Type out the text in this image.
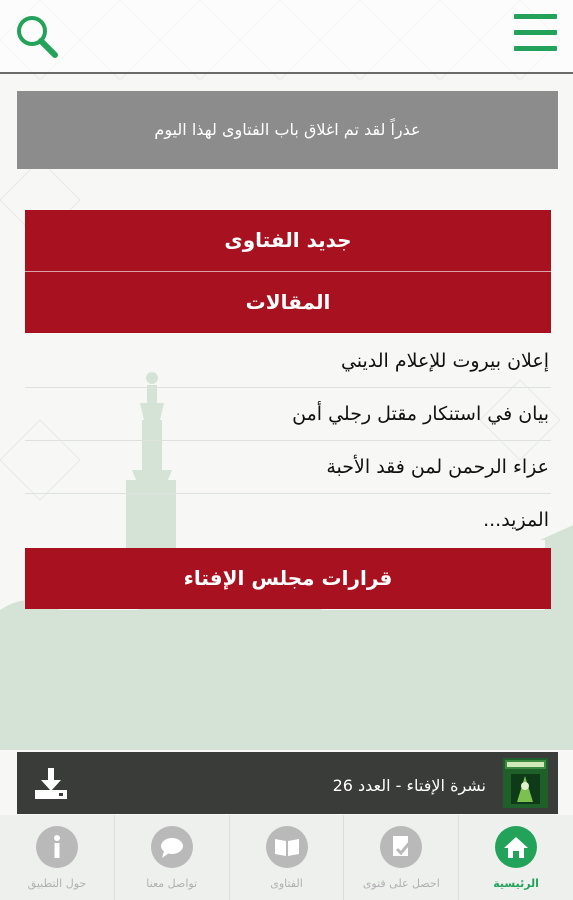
عذراً لقد تم اغلاق باب الفتاوى لهذا اليوم
جديد الفتاوى
المقالات
إعلان بيروت للإعلام الديني
بيان في استنكار مقتل رجلي أمن
عزاء الرحمن لمن فقد الأحبة
المزيد...
قرارات مجلس الإفتاء
نشرة الإفتاء - العدد 26
الرئيسية
احصل على فتوى
الفتاوى
تواصل معنا
حول التطبيق
